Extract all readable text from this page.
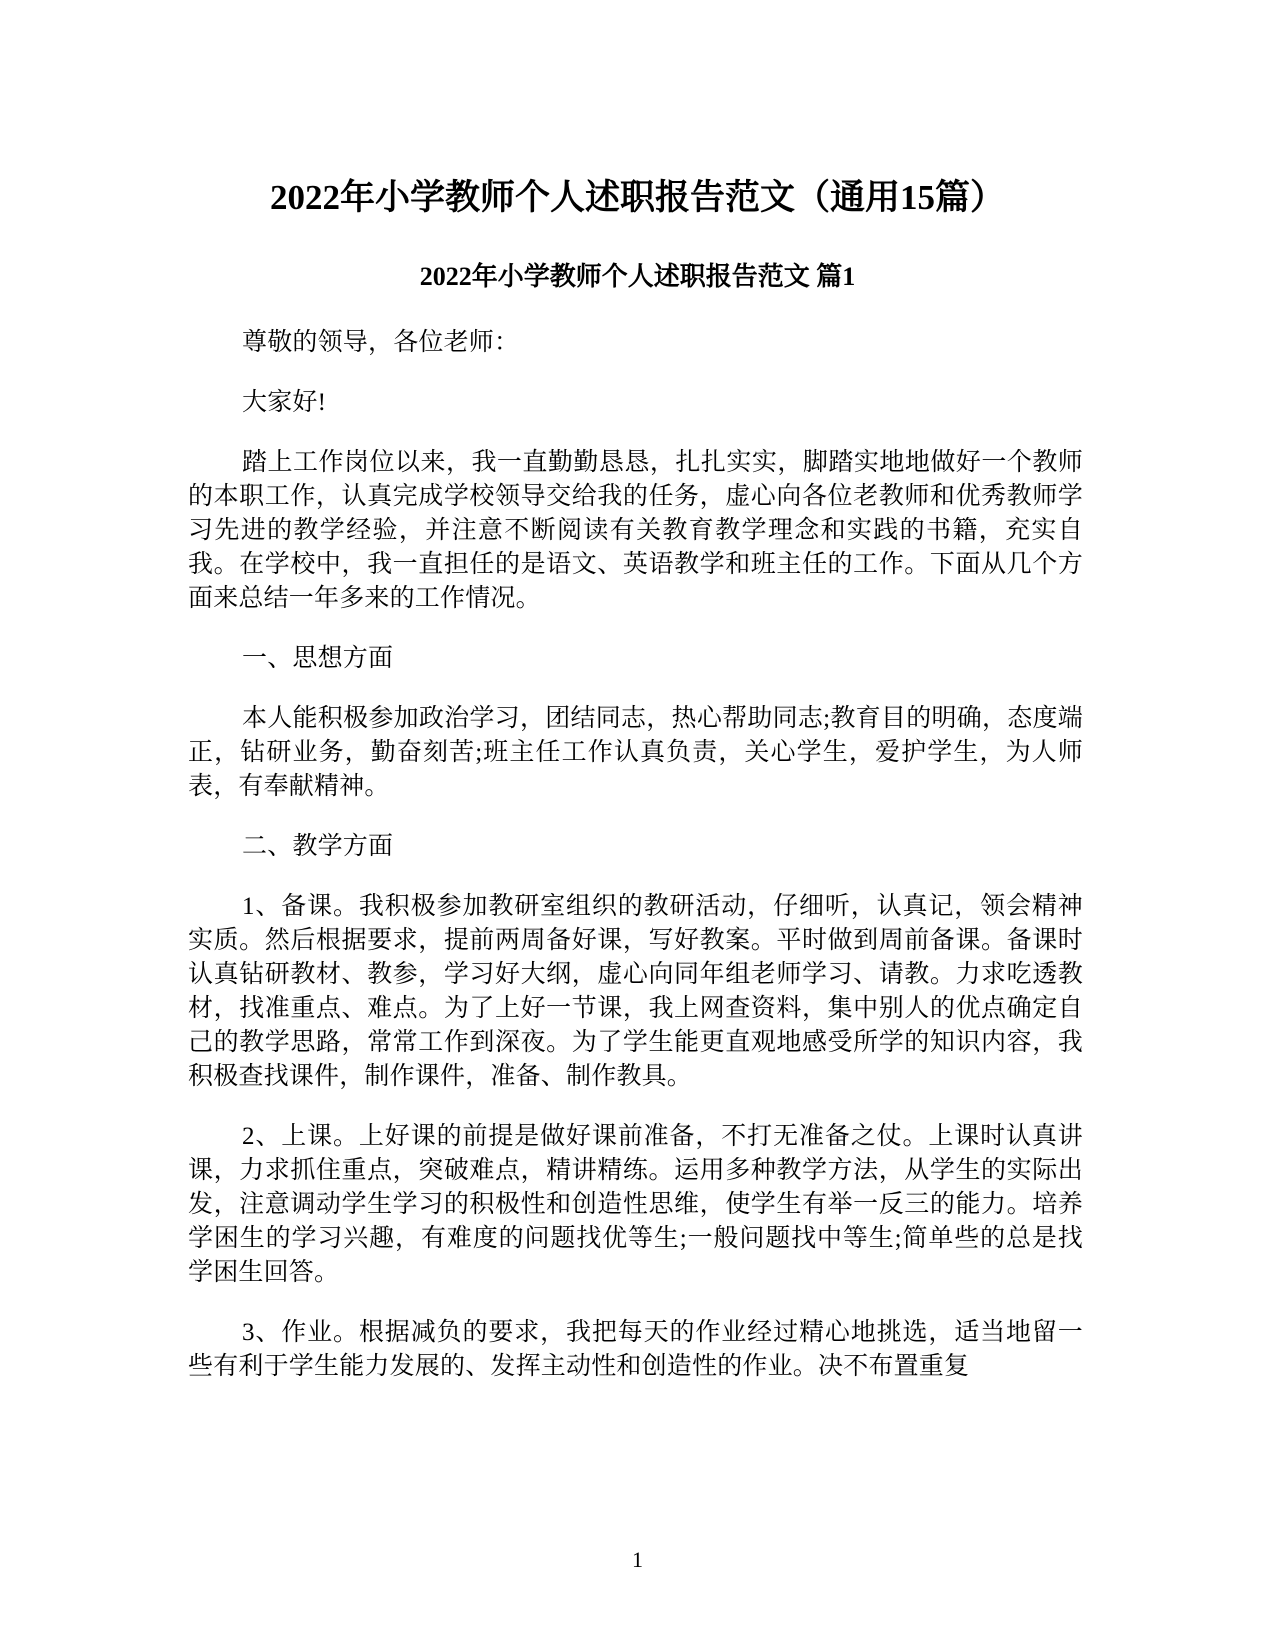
2022年小学教师个人述职报告范文（通用15篇）
2022年小学教师个人述职报告范文 篇1

尊敬的领导，各位老师：

大家好!

踏上工作岗位以来，我一直勤勤恳恳，扎扎实实，脚踏实地地做好一个教师的本职工作，认真完成学校领导交给我的任务，虚心向各位老教师和优秀教师学习先进的教学经验，并注意不断阅读有关教育教学理念和实践的书籍，充实自我。在学校中，我一直担任的是语文、英语教学和班主任的工作。下面从几个方面来总结一年多来的工作情况。

一、思想方面

本人能积极参加政治学习，团结同志，热心帮助同志;教育目的明确，态度端正，钻研业务，勤奋刻苦;班主任工作认真负责，关心学生，爱护学生，为人师表，有奉献精神。

二、教学方面

1、备课。我积极参加教研室组织的教研活动，仔细听，认真记，领会精神实质。然后根据要求，提前两周备好课，写好教案。平时做到周前备课。备课时认真钻研教材、教参，学习好大纲，虚心向同年组老师学习、请教。力求吃透教材，找准重点、难点。为了上好一节课，我上网查资料，集中别人的优点确定自己的教学思路，常常工作到深夜。为了学生能更直观地感受所学的知识内容，我积极查找课件，制作课件，准备、制作教具。

2、上课。上好课的前提是做好课前准备，不打无准备之仗。上课时认真讲课，力求抓住重点，突破难点，精讲精练。运用多种教学方法，从学生的实际出发，注意调动学生学习的积极性和创造性思维，使学生有举一反三的能力。培养学困生的学习兴趣，有难度的问题找优等生;一般问题找中等生;简单些的总是找学困生回答。

3、作业。根据减负的要求，我把每天的作业经过精心地挑选，适当地留一些有利于学生能力发展的、发挥主动性和创造性的作业。决不布置重复

1
